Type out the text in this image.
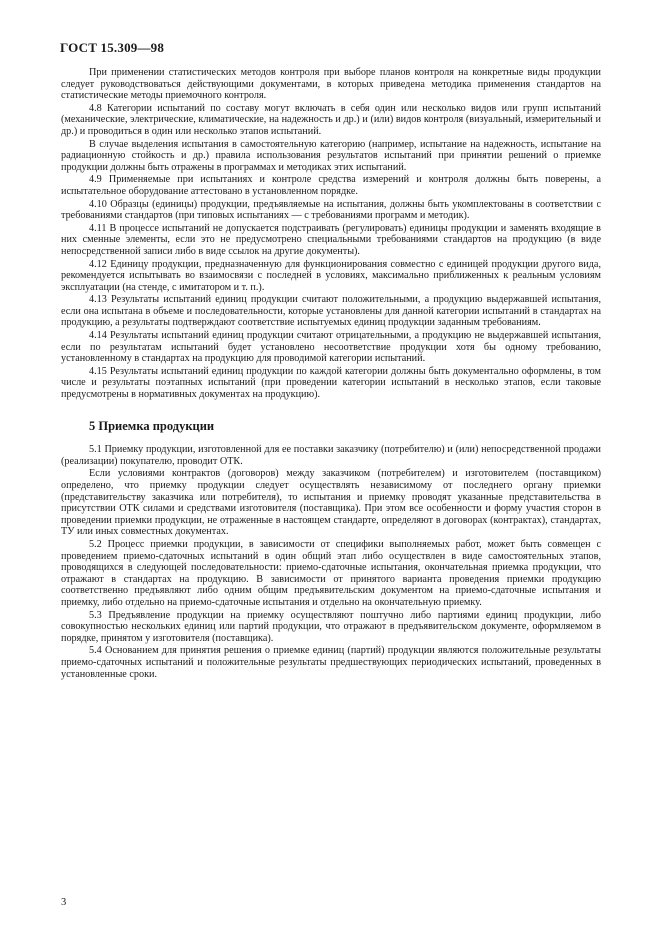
ГОСТ 15.309—98

При применении статистических методов контроля при выборе планов контроля на конкретные виды продукции следует руководствоваться действующими документами, в которых приведена методика применения стандартов на статистические методы приемочного контроля.

4.8 Категории испытаний по составу могут включать в себя один или несколько видов или групп испытаний (механические, электрические, климатические, на надежность и др.) и (или) видов контроля (визуальный, измерительный и др.) и проводиться в один или несколько этапов испытаний.

В случае выделения испытания в самостоятельную категорию (например, испытание на надежность, испытание на радиационную стойкость и др.) правила использования результатов испытаний при принятии решений о приемке продукции должны быть отражены в программах и методиках этих испытаний.

4.9 Применяемые при испытаниях и контроле средства измерений и контроля должны быть поверены, а испытательное оборудование аттестовано в установленном порядке.

4.10 Образцы (единицы) продукции, предъявляемые на испытания, должны быть укомплектованы в соответствии с требованиями стандартов (при типовых испытаниях — с требованиями программ и методик).

4.11 В процессе испытаний не допускается подстраивать (регулировать) единицы продукции и заменять входящие в них сменные элементы, если это не предусмотрено специальными требованиями стандартов на продукцию (в виде непосредственной записи либо в виде ссылок на другие документы).

4.12 Единицу продукции, предназначенную для функционирования совместно с единицей продукции другого вида, рекомендуется испытывать во взаимосвязи с последней в условиях, максимально приближенных к реальным условиям эксплуатации (на стенде, с имитатором и т. п.).

4.13 Результаты испытаний единиц продукции считают положительными, а продукцию выдержавшей испытания, если она испытана в объеме и последовательности, которые установлены для данной категории испытаний в стандартах на продукцию, а результаты подтверждают соответствие испытуемых единиц продукции заданным требованиям.

4.14 Результаты испытаний единиц продукции считают отрицательными, а продукцию не выдержавшей испытания, если по результатам испытаний будет установлено несоответствие продукции хотя бы одному требованию, установленному в стандартах на продукцию для проводимой категории испытаний.

4.15 Результаты испытаний единиц продукции по каждой категории должны быть документально оформлены, в том числе и результаты поэтапных испытаний (при проведении категории испытаний в несколько этапов, если таковые предусмотрены в нормативных документах на продукцию).

5 Приемка продукции

5.1 Приемку продукции, изготовленной для ее поставки заказчику (потребителю) и (или) непосредственной продажи (реализации) покупателю, проводит ОТК.

Если условиями контрактов (договоров) между заказчиком (потребителем) и изготовителем (поставщиком) определено, что приемку продукции следует осуществлять независимому от последнего органу приемки (представительству заказчика или потребителя), то испытания и приемку проводят указанные представительства в присутствии ОТК силами и средствами изготовителя (поставщика). При этом все особенности и форму участия сторон в проведении приемки продукции, не отраженные в настоящем стандарте, определяют в договорах (контрактах), стандартах, ТУ или иных совместных документах.

5.2 Процесс приемки продукции, в зависимости от специфики выполняемых работ, может быть совмещен с проведением приемо-сдаточных испытаний в один общий этап либо осуществлен в виде самостоятельных этапов, проводящихся в следующей последовательности: приемо-сдаточные испытания, окончательная приемка продукции, что отражают в стандартах на продукцию. В зависимости от принятого варианта проведения приемки продукцию соответственно предъявляют либо одним общим предъявительским документом на приемо-сдаточные испытания и приемку, либо отдельно на приемо-сдаточные испытания и отдельно на окончательную приемку.

5.3 Предъявление продукции на приемку осуществляют поштучно либо партиями единиц продукции, либо совокупностью нескольких единиц или партий продукции, что отражают в предъявительском документе, оформляемом в порядке, принятом у изготовителя (поставщика).

5.4 Основанием для принятия решения о приемке единиц (партий) продукции являются положительные результаты приемо-сдаточных испытаний и положительные результаты предшествующих периодических испытаний, проведенных в установленные сроки.

3
